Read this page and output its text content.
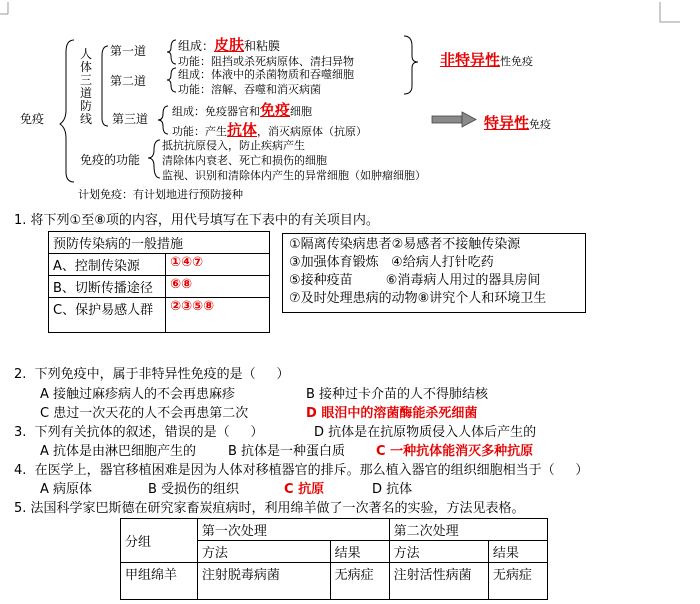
免疫
人体三道防线
第一道	组成：皮肤和粘膜
功能：阻挡或杀死病原体、清扫异物
第二道	组成：体液中的杀菌物质和吞噬细胞
功能：溶解、吞噬和消灭病菌
第三道
组成：免疫器官和免疫细胞
功能：产生抗体，消灭病原体（抗原）
非特异性性免疫
特异性免疫
免疫的功能
抵抗抗原侵入，防止疾病产生
清除体内衰老、死亡和损伤的细胞
监视、识别和清除体内产生的异常细胞（如肿瘤细胞）
计划免疫：有计划地进行预防接种
1. 将下列①至⑧项的内容，用代号填写在下表中的有关项目内。
预防传染病的一般措施	
A、控制传染源	①④⑦
B、切断传播途径	⑥⑧
C、保护易感人群	②③⑤⑧
①隔离传染病患者②易感者不接触传染源
③加强体育锻炼   ④给病人打针吃药
⑤接种疫苗        ⑥消毒病人用过的器具房间
⑦及时处理患病的动物⑧讲究个人和环境卫生
2.  下列免疫中，属于非特异性免疫的是（     ）
A 接触过麻疹病人的不会再患麻疹	B 接种过卡介苗的人不得肺结核
C 患过一次天花的人不会再患第二次	D 眼泪中的溶菌酶能杀死细菌
3.  下列有关抗体的叙述，错误的是（     ）	D 抗体是在抗原物质侵入人体后产生的
A 抗体是由淋巴细胞产生的 B 抗体是一种蛋白质 C 一种抗体能消灭多种抗原
4.  在医学上，器官移植困难是因为人体对移植器官的排斥。那么植入器官的组织细胞相当于（     ）
A 病原体	B 受损伤的组织	C 抗原	D 抗体
5. 法国科学家巴斯德在研究家畜炭疽病时，利用绵羊做了一次著名的实验，方法见表格。
分组	第一次处理		第二次处理	
	方法	结果	方法	结果
甲组绵羊	注射脱毒病菌	无病症	注射活性病菌	无病症
